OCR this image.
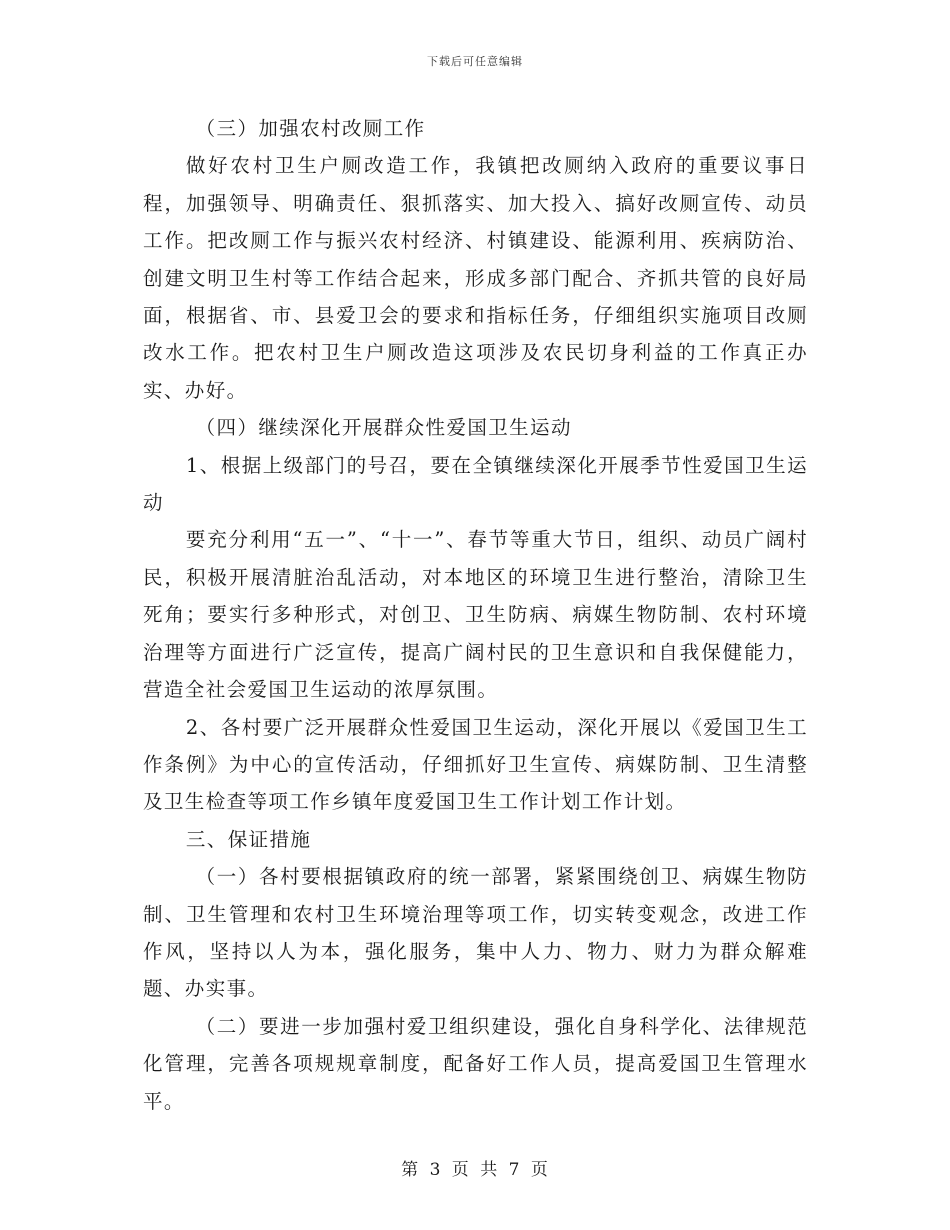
下载后可任意编辑

（三）加强农村改厕工作

做好农村卫生户厕改造工作，我镇把改厕纳入政府的重要议事日程，加强领导、明确责任、狠抓落实、加大投入、搞好改厕宣传、动员工作。把改厕工作与振兴农村经济、村镇建设、能源利用、疾病防治、创建文明卫生村等工作结合起来，形成多部门配合、齐抓共管的良好局面，根据省、市、县爱卫会的要求和指标任务，仔细组织实施项目改厕改水工作。把农村卫生户厕改造这项涉及农民切身利益的工作真正办实、办好。

（四）继续深化开展群众性爱国卫生运动

1、根据上级部门的号召，要在全镇继续深化开展季节性爱国卫生运动

要充分利用“五一”、“十一”、春节等重大节日，组织、动员广阔村民，积极开展清脏治乱活动，对本地区的环境卫生进行整治，清除卫生死角；要实行多种形式，对创卫、卫生防病、病媒生物防制、农村环境治理等方面进行广泛宣传，提高广阔村民的卫生意识和自我保健能力，营造全社会爱国卫生运动的浓厚氛围。

2、各村要广泛开展群众性爱国卫生运动，深化开展以《爱国卫生工作条例》为中心的宣传活动，仔细抓好卫生宣传、病媒防制、卫生清整及卫生检查等项工作乡镇年度爱国卫生工作计划工作计划。

三、保证措施

（一）各村要根据镇政府的统一部署，紧紧围绕创卫、病媒生物防制、卫生管理和农村卫生环境治理等项工作，切实转变观念，改进工作作风，坚持以人为本，强化服务，集中人力、物力、财力为群众解难题、办实事。

（二）要进一步加强村爱卫组织建设，强化自身科学化、法律规范化管理，完善各项规规章制度，配备好工作人员，提高爱国卫生管理水平。

第 3 页 共 7 页
